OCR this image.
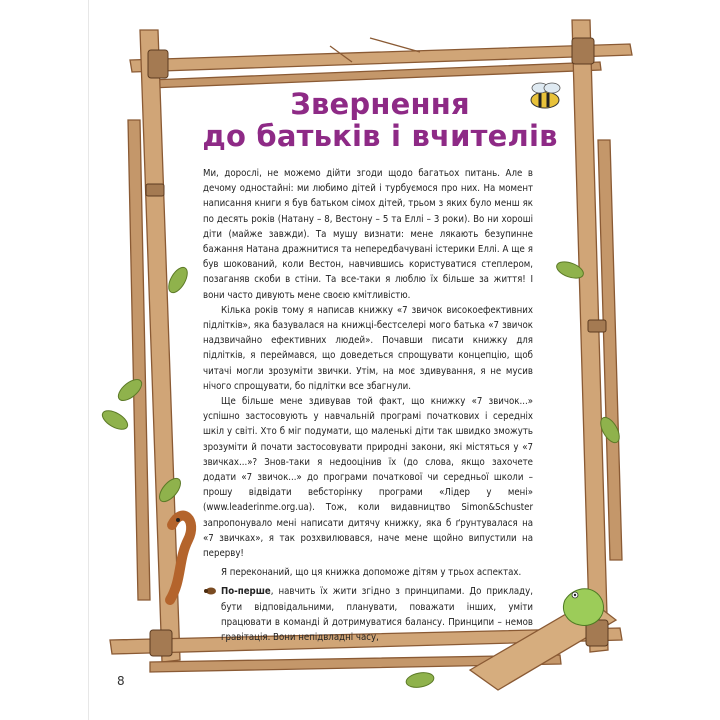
Звернення
до батьків і вчителів

Ми, дорослі, не можемо дійти згоди щодо багатьох питань. Але в дечому одностайні: ми любимо дітей і турбуємося про них. На момент написання книги я був батьком сімох дітей, трьом з яких було менш як по десять років (Натану – 8, Вестону – 5 та Еллі – 3 роки). Во ни хороші діти (майже завжди). Та мушу визнати: мене лякають безупинне бажання Натана дражнитися та непередбачувані істерики Еллі. А ще я був шокований, коли Вестон, навчившись користуватися степлером, позаганяв скоби в стіни. Та все-таки я люблю їх більше за життя! І вони часто дивують мене своєю кмітливістю.

Кілька років тому я написав книжку «7 звичок високоефективних підлітків», яка базувалася на книжці-бестселері мого батька «7 звичок надзвичайно ефективних людей». Почавши писати книжку для підлітків, я переймався, що доведеться спрощувати концепцію, щоб читачі могли зрозуміти звички. Утім, на моє здивування, я не мусив нічого спрощувати, бо підлітки все збагнули.

Ще більше мене здивував той факт, що книжку «7 звичок...» успішно застосовують у навчальній програмі початкових і середніх шкіл у світі. Хто б міг подумати, що маленькі діти так швидко зможуть зрозуміти й почати застосовувати природні закони, які містяться у «7 звичках...»? Знов-таки я недооцінив їх (до слова, якщо захочете додати «7 звичок...» до програми початкової чи середньої школи – прошу відвідати вебсторінку програми «Лідер у мені» (www.leaderinme.org.ua). Тож, коли видавництво Simon&Schuster запропонувало мені написати дитячу книжку, яка б ґрунтувалася на «7 звичках», я так розхвилювався, наче мене щойно випустили на перерву!

Я переконаний, що ця книжка допоможе дітям у трьох аспектах.

По-перше, навчить їх жити згідно з принципами. До прикладу, бути відповідальними, планувати, поважати інших, уміти працювати в команді й дотримуватися балансу. Принципи – немов гравітація. Вони непідвладні часу,

8
